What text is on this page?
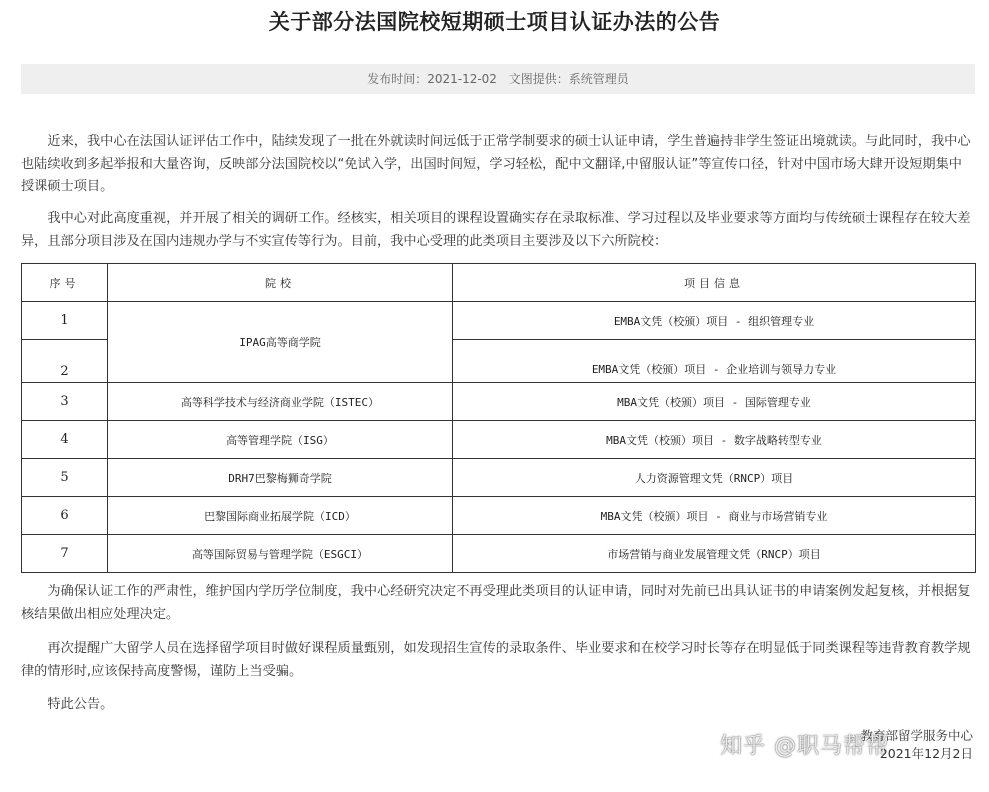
关于部分法国院校短期硕士项目认证办法的公告
发布时间：2021-12-02 文图提供：系统管理员

近来，我中心在法国认证评估工作中，陆续发现了一批在外就读时间远低于正常学制要求的硕士认证申请，学生普遍持非学生签证出境就读。与此同时，我中心也陆续收到多起举报和大量咨询，反映部分法国院校以“免试入学，出国时间短，学习轻松，配中文翻译,中留服认证”等宣传口径，针对中国市场大肆开设短期集中授课硕士项目。

我中心对此高度重视，并开展了相关的调研工作。经核实，相关项目的课程设置确实存在录取标准、学习过程以及毕业要求等方面均与传统硕士课程存在较大差异，且部分项目涉及在国内违规办学与不实宣传等行为。目前，我中心受理的此类项目主要涉及以下六所院校：

序号	院校	项目信息
1	IPAG高等商学院	EMBA文凭（校颁）项目 - 组织管理专业
2		EMBA文凭（校颁）项目 - 企业培训与领导力专业
3	高等科学技术与经济商业学院（ISTEC）	MBA文凭（校颁）项目 - 国际管理专业
4	高等管理学院（ISG）	MBA文凭（校颁）项目 - 数字战略转型专业
5	DRH7巴黎梅狮奇学院	人力资源管理文凭（RNCP）项目
6	巴黎国际商业拓展学院（ICD）	MBA文凭（校颁）项目 - 商业与市场营销专业
7	高等国际贸易与管理学院（ESGCI）	市场营销与商业发展管理文凭（RNCP）项目

为确保认证工作的严肃性，维护国内学历学位制度，我中心经研究决定不再受理此类项目的认证申请，同时对先前已出具认证书的申请案例发起复核，并根据复核结果做出相应处理决定。

再次提醒广大留学人员在选择留学项目时做好课程质量甄别，如发现招生宣传的录取条件、毕业要求和在校学习时长等存在明显低于同类课程等违背教育教学规律的情形时,应该保持高度警惕，谨防上当受骗。

特此公告。

教育部留学服务中心
2021年12月2日
知乎 @职马帮帮
